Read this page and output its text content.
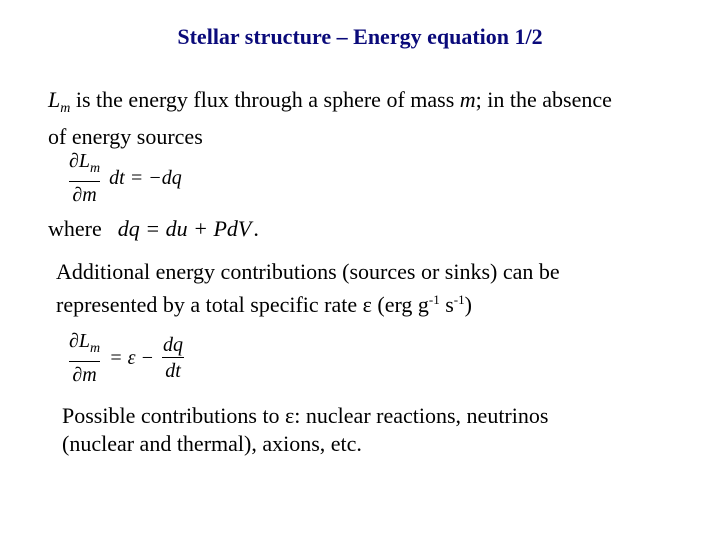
Stellar structure – Energy equation 1/2
$L_m$ is the energy flux through a sphere of mass m; in the absence
of energy sources
$\frac{\partial L_m}{\partial m}$ dt = −dq
where dq = du + PdV .
Additional energy contributions (sources or sinks) can be
represented by a total specific rate ε (erg $g^{-1}$ $s^{-1}$)
$\frac{\partial L_m}{\partial m} = \varepsilon - \frac{dq}{dt}$
Possible contributions to ε: nuclear reactions, neutrinos
(nuclear and thermal), axions, etc.
